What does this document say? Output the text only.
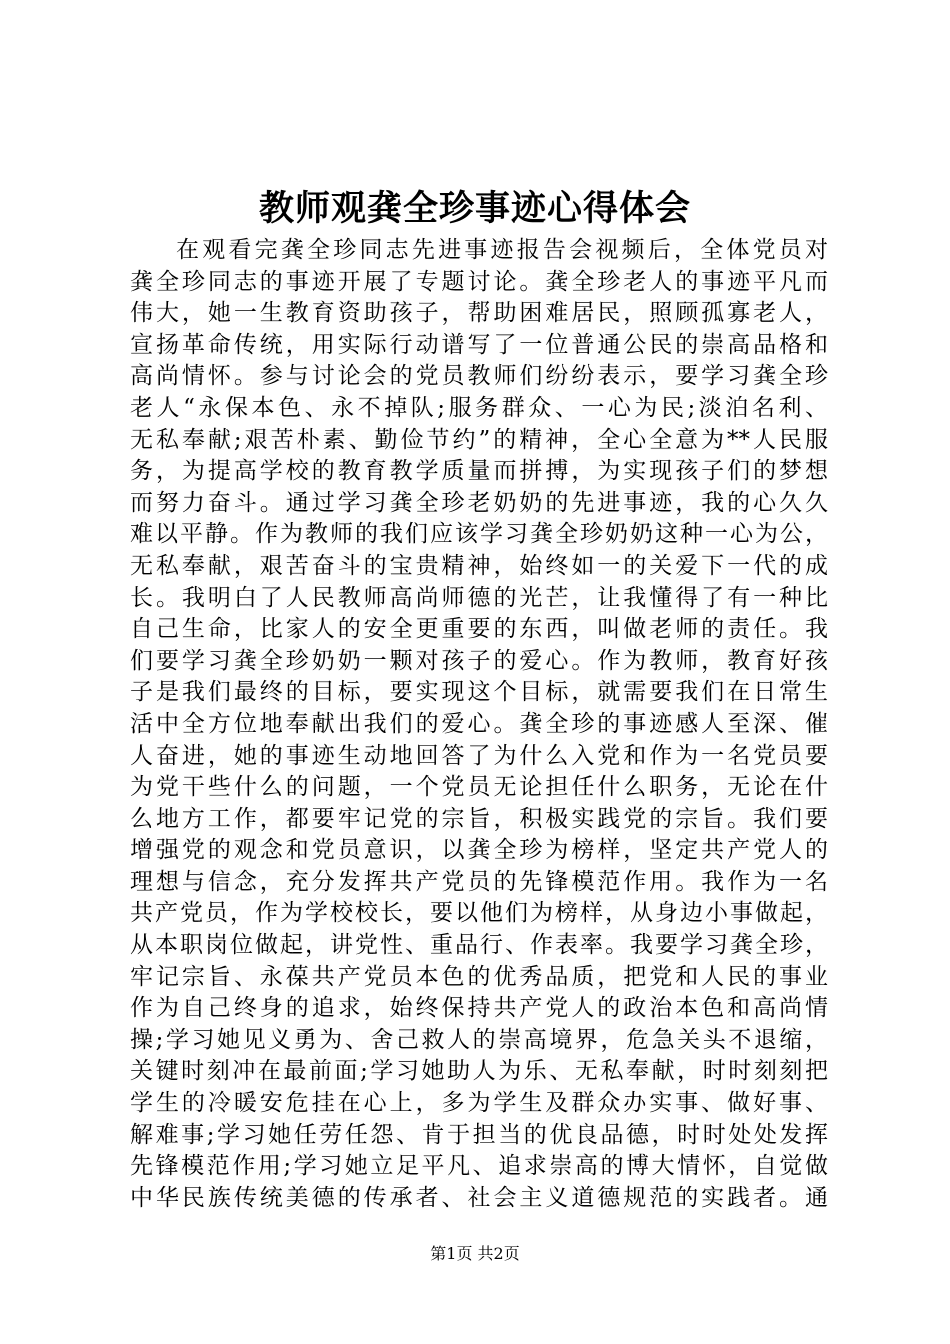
教师观龚全珍事迹心得体会
在观看完龚全珍同志先进事迹报告会视频后，全体党员对
龚全珍同志的事迹开展了专题讨论。龚全珍老人的事迹平凡而
伟大，她一生教育资助孩子，帮助困难居民，照顾孤寡老人，
宣扬革命传统，用实际行动谱写了一位普通公民的崇高品格和
高尚情怀。参与讨论会的党员教师们纷纷表示，要学习龚全珍
老人“永保本色、永不掉队;服务群众、一心为民;淡泊名利、
无私奉献;艰苦朴素、勤俭节约”的精神，全心全意为**人民服
务，为提高学校的教育教学质量而拼搏，为实现孩子们的梦想
而努力奋斗。通过学习龚全珍老奶奶的先进事迹，我的心久久
难以平静。作为教师的我们应该学习龚全珍奶奶这种一心为公，
无私奉献，艰苦奋斗的宝贵精神，始终如一的关爱下一代的成
长。我明白了人民教师高尚师德的光芒，让我懂得了有一种比
自己生命，比家人的安全更重要的东西，叫做老师的责任。我
们要学习龚全珍奶奶一颗对孩子的爱心。作为教师，教育好孩
子是我们最终的目标，要实现这个目标，就需要我们在日常生
活中全方位地奉献出我们的爱心。龚全珍的事迹感人至深、催
人奋进，她的事迹生动地回答了为什么入党和作为一名党员要
为党干些什么的问题，一个党员无论担任什么职务，无论在什
么地方工作，都要牢记党的宗旨，积极实践党的宗旨。我们要
增强党的观念和党员意识，以龚全珍为榜样，坚定共产党人的
理想与信念，充分发挥共产党员的先锋模范作用。我作为一名
共产党员，作为学校校长，要以他们为榜样，从身边小事做起，
从本职岗位做起，讲党性、重品行、作表率。我要学习龚全珍，
牢记宗旨、永葆共产党员本色的优秀品质，把党和人民的事业
作为自己终身的追求，始终保持共产党人的政治本色和高尚情
操;学习她见义勇为、舍己救人的崇高境界，危急关头不退缩，
关键时刻冲在最前面;学习她助人为乐、无私奉献，时时刻刻把
学生的冷暖安危挂在心上，多为学生及群众办实事、做好事、
解难事;学习她任劳任怨、肯于担当的优良品德，时时处处发挥
先锋模范作用;学习她立足平凡、追求崇高的博大情怀，自觉做
中华民族传统美德的传承者、社会主义道德规范的实践者。通
第1页 共2页
